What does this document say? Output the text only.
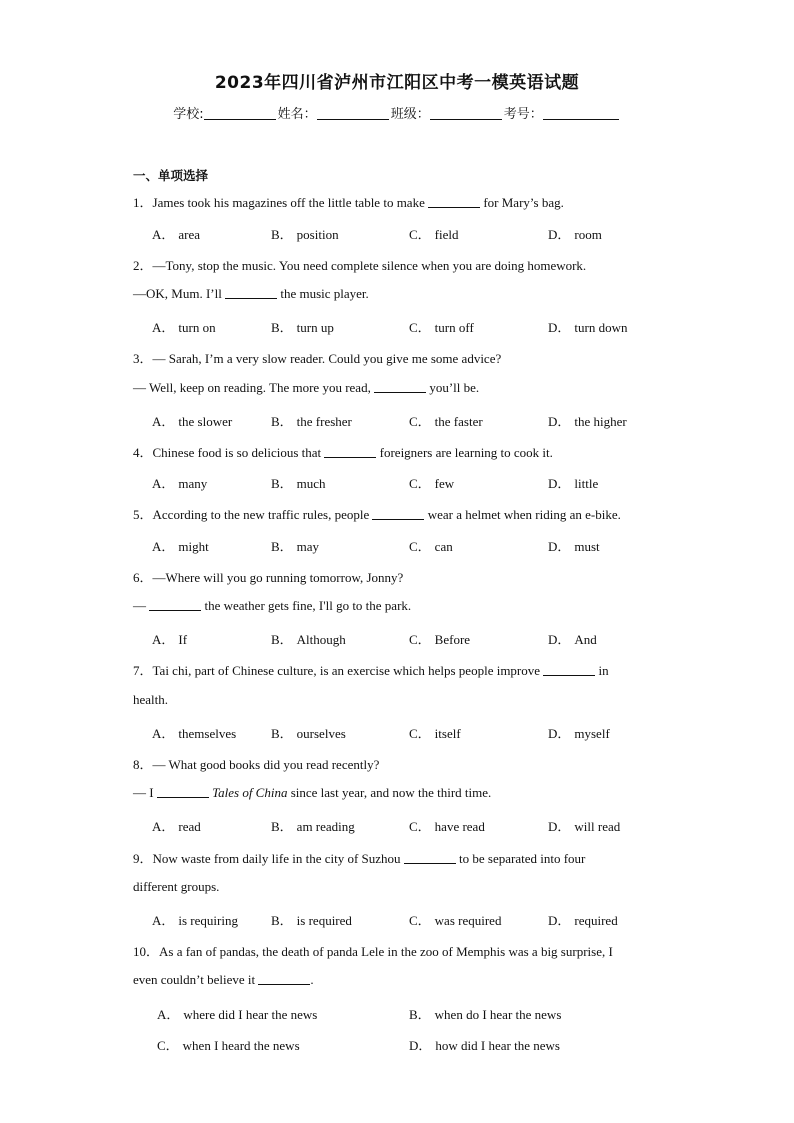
2023年四川省泸州市江阳区中考一模英语试题
学校:	姓名：	班级：	考号：
一、单项选择
1．James took his magazines off the little table to make	for Mary’s bag.
A． area	B． position	C． field	D． room
2．—Tony, stop the music. You need complete silence when you are doing homework.
—OK, Mum. I’ll	the music player.
A． turn on	B． turn up	C． turn off	D． turn down
3．— Sarah, I’m a very slow reader. Could you give me some advice?
— Well, keep on reading. The more you read,	you’ll be.
A． the slower	B． the fresher	C． the faster	D． the higher
4．Chinese food is so delicious that	foreigners are learning to cook it.
A． many	B． much	C． few	D． little
5．According to the new traffic rules, people	wear a helmet when riding an e-bike.
A． might	B． may	C． can	D． must
6．—Where will you go running tomorrow, Jonny?
—	the weather gets fine, I'll go to the park.
A． If	B． Although	C． Before	D． And
7．Tai chi, part of Chinese culture, is an exercise which helps people improve	in
health.
A． themselves	B． ourselves	C． itself	D． myself
8．— What good books did you read recently?
— I	Tales of China since last year, and now the third time.
A． read	B． am reading	C． have read	D． will read
9．Now waste from daily life in the city of Suzhou	to be separated into four
different groups.
A． is requiring	B． is required	C． was required	D． required
10．As a fan of pandas, the death of panda Lele in the zoo of Memphis was a big surprise, I
even couldn’t believe it	.
A． where did I hear the news	B． when do I hear the news
C． when I heard the news	D． how did I hear the news
